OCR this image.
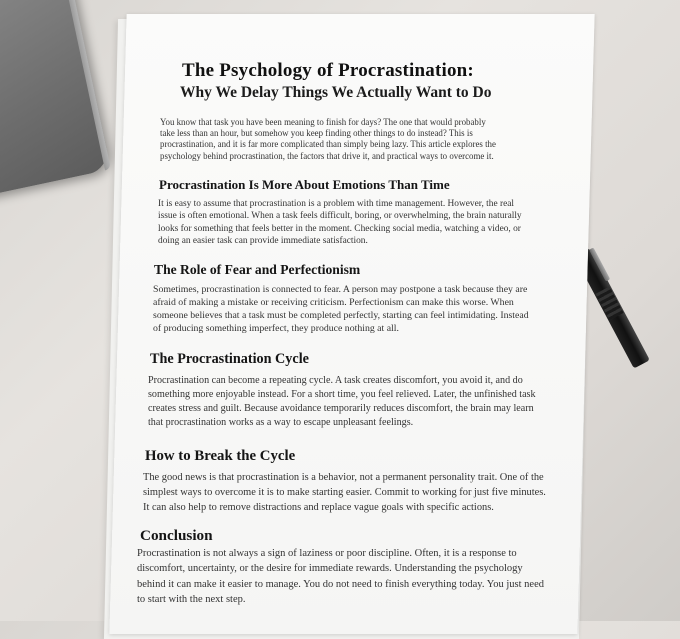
The Psychology of Procrastination:
Why We Delay Things We Actually Want to Do
You know that task you have been meaning to finish for days? The one that would probably
take less than an hour, but somehow you keep finding other things to do instead? This is
procrastination, and it is far more complicated than simply being lazy. This article explores the
psychology behind procrastination, the factors that drive it, and practical ways to overcome it.
Procrastination Is More About Emotions Than Time
It is easy to assume that procrastination is a problem with time management. However, the real
issue is often emotional. When a task feels difficult, boring, or overwhelming, the brain naturally
looks for something that feels better in the moment. Checking social media, watching a video, or
doing an easier task can provide immediate satisfaction.
The Role of Fear and Perfectionism
Sometimes, procrastination is connected to fear. A person may postpone a task because they are
afraid of making a mistake or receiving criticism. Perfectionism can make this worse. When
someone believes that a task must be completed perfectly, starting can feel intimidating. Instead
of producing something imperfect, they produce nothing at all.
The Procrastination Cycle
Procrastination can become a repeating cycle. A task creates discomfort, you avoid it, and do
something more enjoyable instead. For a short time, you feel relieved. Later, the unfinished task
creates stress and guilt. Because avoidance temporarily reduces discomfort, the brain may learn
that procrastination works as a way to escape unpleasant feelings.
How to Break the Cycle
The good news is that procrastination is a behavior, not a permanent personality trait. One of the
simplest ways to overcome it is to make starting easier. Commit to working for just five minutes.
It can also help to remove distractions and replace vague goals with specific actions.
Conclusion
Procrastination is not always a sign of laziness or poor discipline. Often, it is a response to
discomfort, uncertainty, or the desire for immediate rewards. Understanding the psychology
behind it can make it easier to manage. You do not need to finish everything today. You just need
to start with the next step.
